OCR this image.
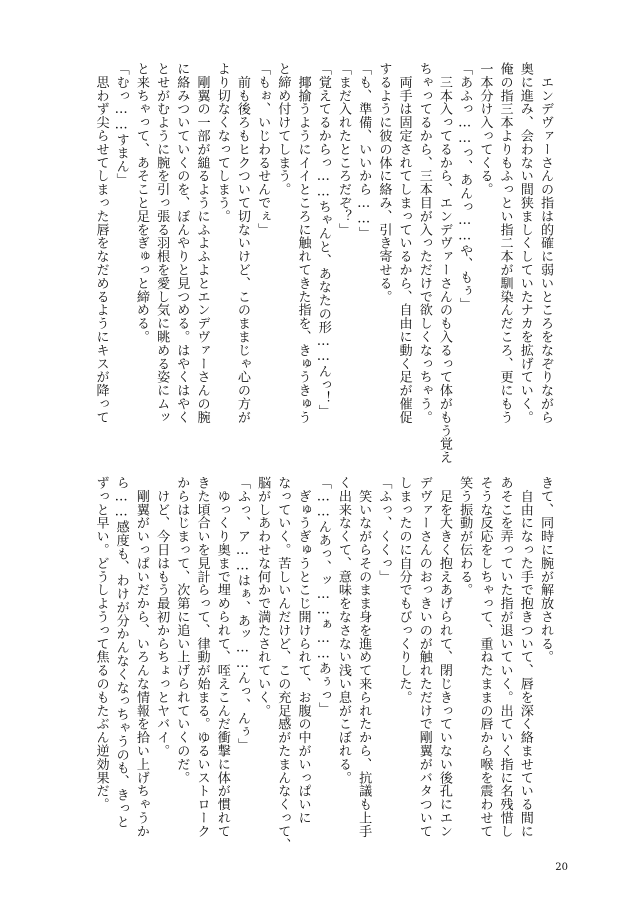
　エンデヴァーさんの指は的確に弱いところをなぞりながら
奥に進み、会わない間狭ましくしていたナカを拡げていく。
俺の指三本よりもふっとい指二本が馴染んだころ、更にもう
一本分け入ってくる。
「あふっ……っ、あんっ……や、もぅ」
　三本入ってるから、エンデヴァーさんのも入るって体がもう覚え
ちゃってるから、三本目が入っただけで欲しくなっちゃう。
　両手は固定されてしまっているから、自由に動く足が催促
するように彼の体に絡み、引き寄せる。
「も、準備、いいから……」
「まだ入れたところだぞ？」
「覚えてるからっ……ちゃんと、あなたの形……んっ！」
　揶揄うようにイイところに触れてきた指を、きゅうきゅう
と締め付けてしまう。
「もぉ、いじわるせんでぇ」
　前も後ろもヒクついて切ないけど、このままじゃ心の方が
より切なくなってしまう。
　剛翼の一部が縋るようにふよふよとエンデヴァーさんの腕
に絡みついていくのを、ぼんやりと見つめる。はやくはやく
とせがむように腕を引っ張る羽根を愛し気に眺める姿にムッ
と来ちゃって、あそこと足をぎゅっと締める。
「むっ……すまん」
　思わず尖らせてしまった唇をなだめるようにキスが降って
きて、同時に腕が解放される。
　自由になった手で抱きついて、唇を深く絡ませている間に
あそこを弄っていた指が退いていく。出ていく指に名残惜し
そうな反応をしちゃって、重ねたままの唇から喉を震わせて
笑う振動が伝わる。
　足を大きく抱えあげられて、閉じきっていない後孔にエン
デヴァーさんのおっきいのが触れただけで剛翼がバタついて
しまったのに自分でもびっくりした。
「ふっ、くくっ」
　笑いながらそのまま身を進めて来られたから、抗議も上手
く出来なくて、意味をなさない浅い息がこぼれる。
「……んあっ、ッ……ぁ……あぅっ」
　ぎゅうぎゅうとこじ開けられて、お腹の中がいっぱいに
なっていく。苦しいんだけど、この充足感がたまんなくって、
脳がしあわせな何かで満たされていく。
「ふっ、ア……はぁ、あッ……んっ、んぅ」
　ゆっくり奥まで埋められて、咥えこんだ衝撃に体が慣れて
きた頃合いを見計らって、律動が始まる。ゆるいストローク
からはじまって、次第に追い上げられていくのだ。
　けど、今日はもう最初からちょっとヤバイ。
　剛翼がいっぱいだから、いろんな情報を拾い上げちゃうか
ら……感度も、わけが分かんなくなっちゃうのも、きっと
ずっと早い。どうしようって焦るのもたぶん逆効果だ。
20
